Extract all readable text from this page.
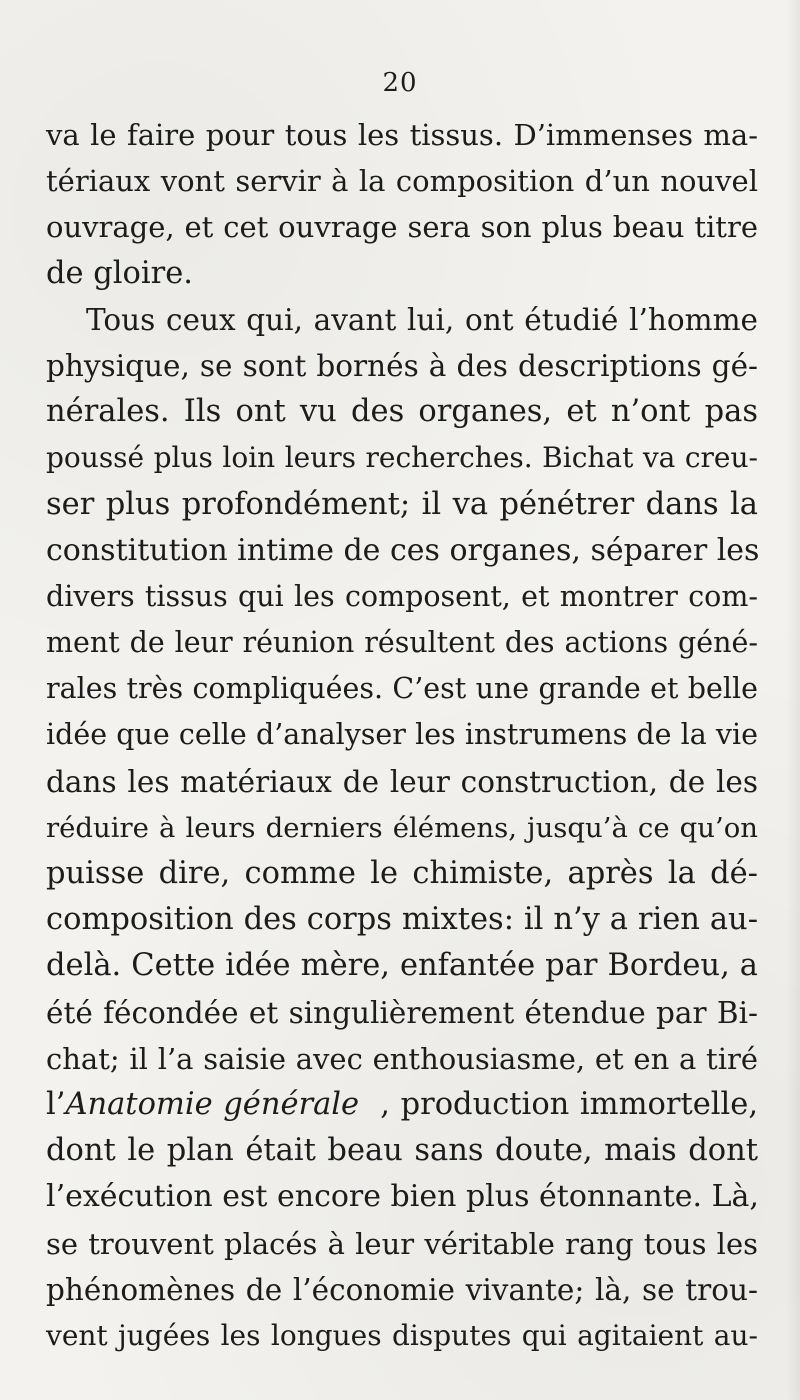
20
va le faire pour tous les tissus. D’immenses ma-
tériaux vont servir à la composition d’un nouvel
ouvrage, et cet ouvrage sera son plus beau titre
de gloire.
Tous ceux qui, avant lui, ont étudié l’homme
physique, se sont bornés à des descriptions gé-
nérales. Ils ont vu des organes, et n’ont pas
poussé plus loin leurs recherches. Bichat va creu-
ser plus profondément; il va pénétrer dans la
constitution intime de ces organes, séparer les
divers tissus qui les composent, et montrer com-
ment de leur réunion résultent des actions géné-
rales très compliquées. C’est une grande et belle
idée que celle d’analyser les instrumens de la vie
dans les matériaux de leur construction, de les
réduire à leurs derniers élémens, jusqu’à ce qu’on
puisse dire, comme le chimiste, après la dé-
composition des corps mixtes: il n’y a rien au-
delà. Cette idée mère, enfantée par Bordeu, a
été fécondée et singulièrement étendue par Bi-
chat; il l’a saisie avec enthousiasme, et en a tiré
l’Anatomie générale , production immortelle,
dont le plan était beau sans doute, mais dont
l’exécution est encore bien plus étonnante. Là,
se trouvent placés à leur véritable rang tous les
phénomènes de l’économie vivante; là, se trou-
vent jugées les longues disputes qui agitaient au-
